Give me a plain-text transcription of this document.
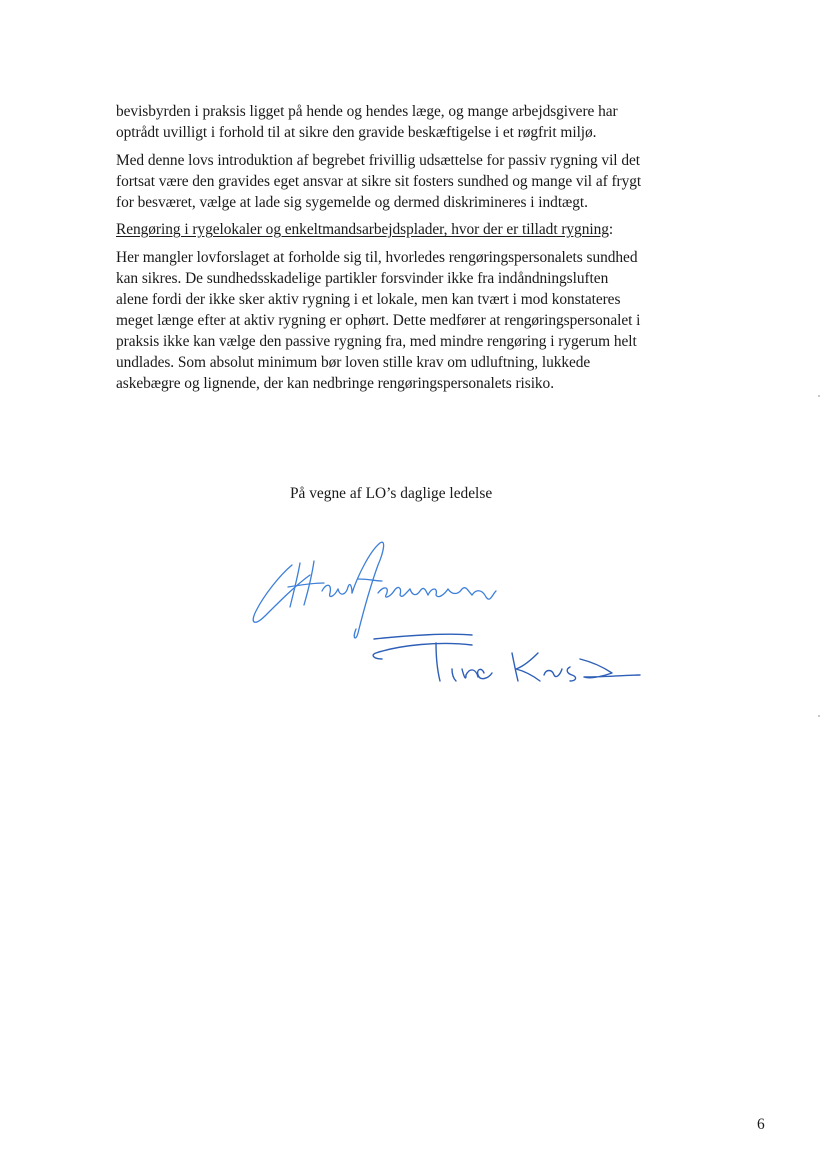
bevisbyrden i praksis ligget på hende og hendes læge, og mange arbejdsgivere har
optrådt uvilligt i forhold til at sikre den gravide beskæftigelse i et røgfrit miljø.

Med denne lovs introduktion af begrebet frivillig udsættelse for passiv rygning vil det
fortsat være den gravides eget ansvar at sikre sit fosters sundhed og mange vil af frygt
for besværet, vælge at lade sig sygemelde og dermed diskrimineres i indtægt.

Rengøring i rygelokaler og enkeltmandsarbejdsplader, hvor der er tilladt rygning:

Her mangler lovforslaget at forholde sig til, hvorledes rengøringspersonalets sundhed
kan sikres. De sundhedsskadelige partikler forsvinder ikke fra indåndningsluften
alene fordi der ikke sker aktiv rygning i et lokale, men kan tvært i mod konstateres
meget længe efter at aktiv rygning er ophørt. Dette medfører at rengøringspersonalet i
praksis ikke kan vælge den passive rygning fra, med mindre rengøring i rygerum helt
undlades. Som absolut minimum bør loven stille krav om udluftning, lukkede
askebægre og lignende, der kan nedbringe rengøringspersonalets risiko.

På vegne af LO’s daglige ledelse
6
